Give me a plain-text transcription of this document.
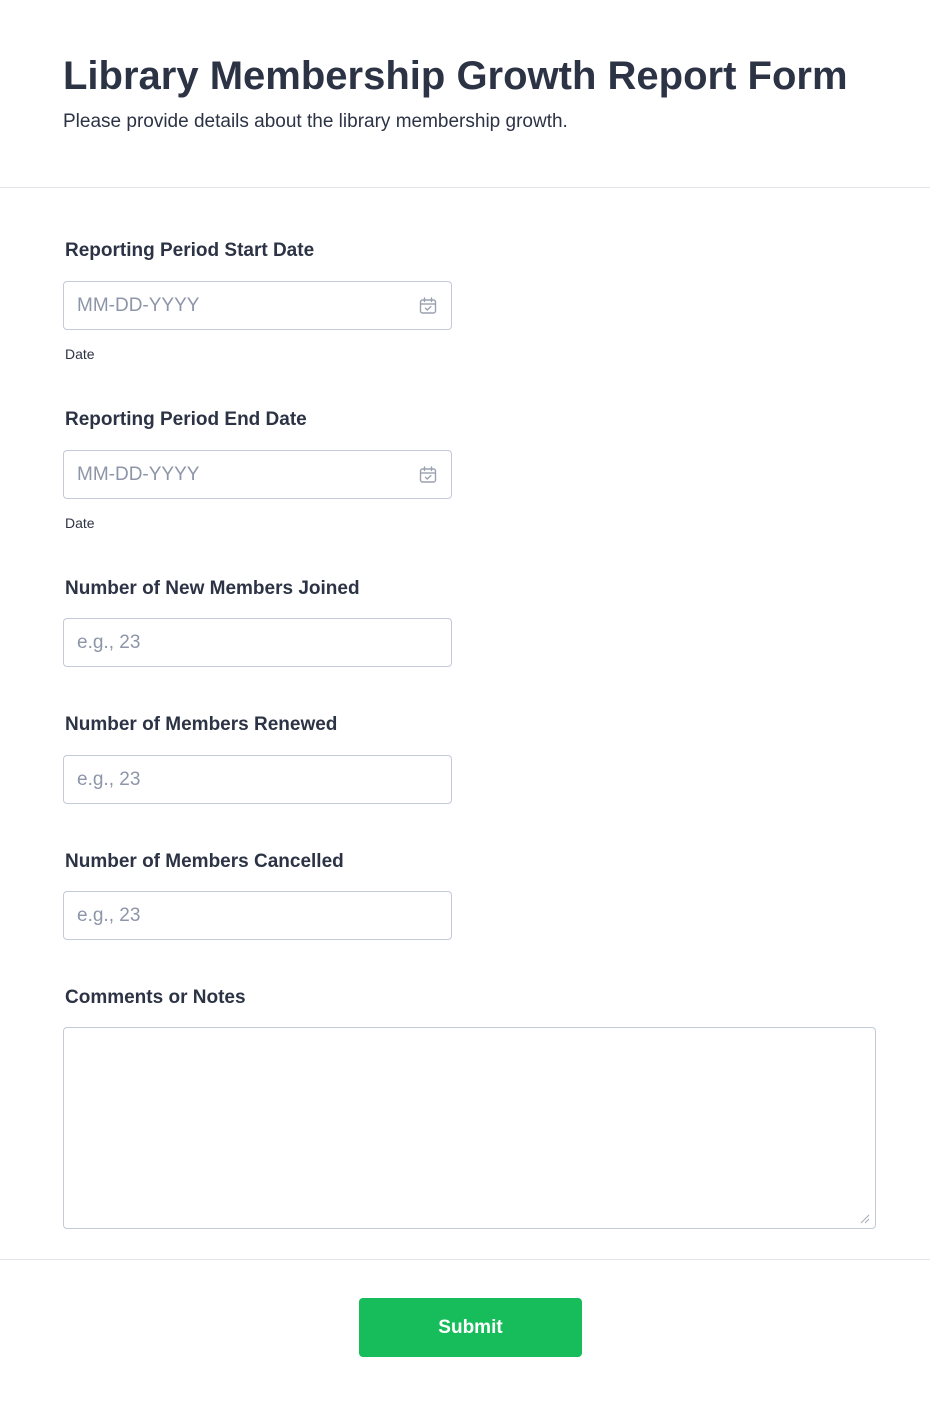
Library Membership Growth Report Form

Please provide details about the library membership growth.

Reporting Period Start Date
MM-DD-YYYY
Date
Reporting Period End Date
MM-DD-YYYY
Date
Number of New Members Joined
e.g., 23
Number of Members Renewed
e.g., 23
Number of Members Cancelled
e.g., 23
Comments or Notes
Submit
